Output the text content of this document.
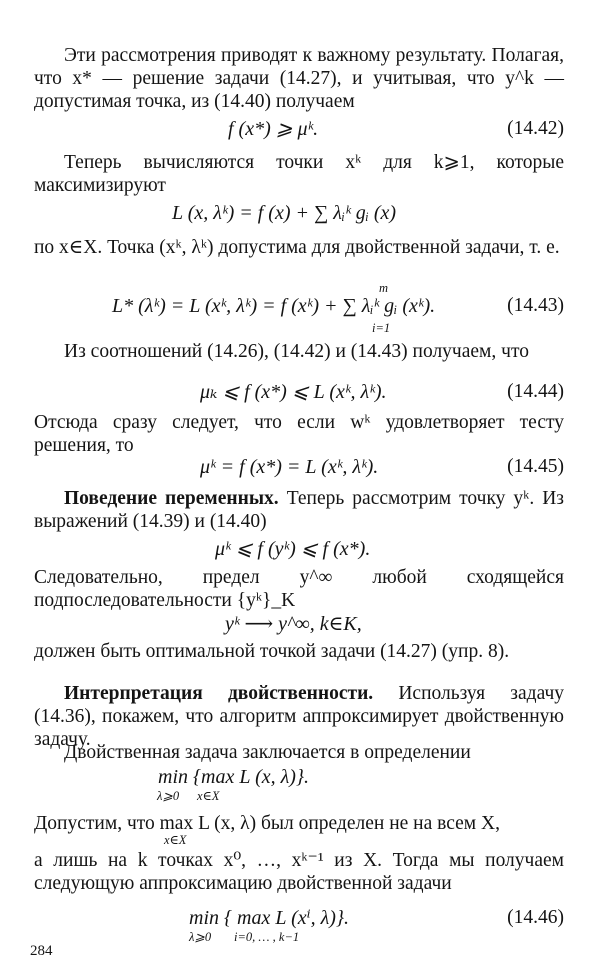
Эти рассмотрения приводят к важному результату. Полагая, что x* — решение задачи (14.27), и учитывая, что y^k — допустимая точка, из (14.40) получаем

f (x*) ⩾ μᵏ.	(14.42)

Теперь вычисляются точки xᵏ для k⩾1, которые максимизируют

L (x, λᵏ) = f (x) + ∑ λᵢᵏ gᵢ (x)

по x∈X. Точка (xᵏ, λᵏ) допустима для двойственной задачи, т. е.

m
L* (λᵏ) = L (xᵏ, λᵏ) = f (xᵏ) + ∑ λᵢᵏ gᵢ (xᵏ).
i=1
(14.43)

Из соотношений (14.26), (14.42) и (14.43) получаем, что

μₖ ⩽ f (x*) ⩽ L (xᵏ, λᵏ).	(14.44)

Отсюда сразу следует, что если wᵏ удовлетворяет тесту решения, то

μᵏ = f (x*) = L (xᵏ, λᵏ).	(14.45)

Поведение переменных. Теперь рассмотрим точку yᵏ. Из выражений (14.39) и (14.40)

μᵏ ⩽ f (yᵏ) ⩽ f (x*).

Следовательно, предел y^∞ любой сходящейся подпоследовательности {yᵏ}_K

yᵏ ⟶ y^∞, k∈K,

должен быть оптимальной точкой задачи (14.27) (упр. 8).

Интерпретация двойственности. Используя задачу (14.36), покажем, что алгоритм аппроксимирует двойственную задачу.

Двойственная задача заключается в определении

min {max L (x, λ)}.
λ⩾0 x∈X

Допустим, что max L (x, λ) был определен не на всем X,

x∈X

а лишь на k точках x⁰, …, xᵏ⁻¹ из X. Тогда мы получаем следующую аппроксимацию двойственной задачи

min { max L (xⁱ, λ)}.	(14.46)
λ⩾0 i=0, … , k−1
284
